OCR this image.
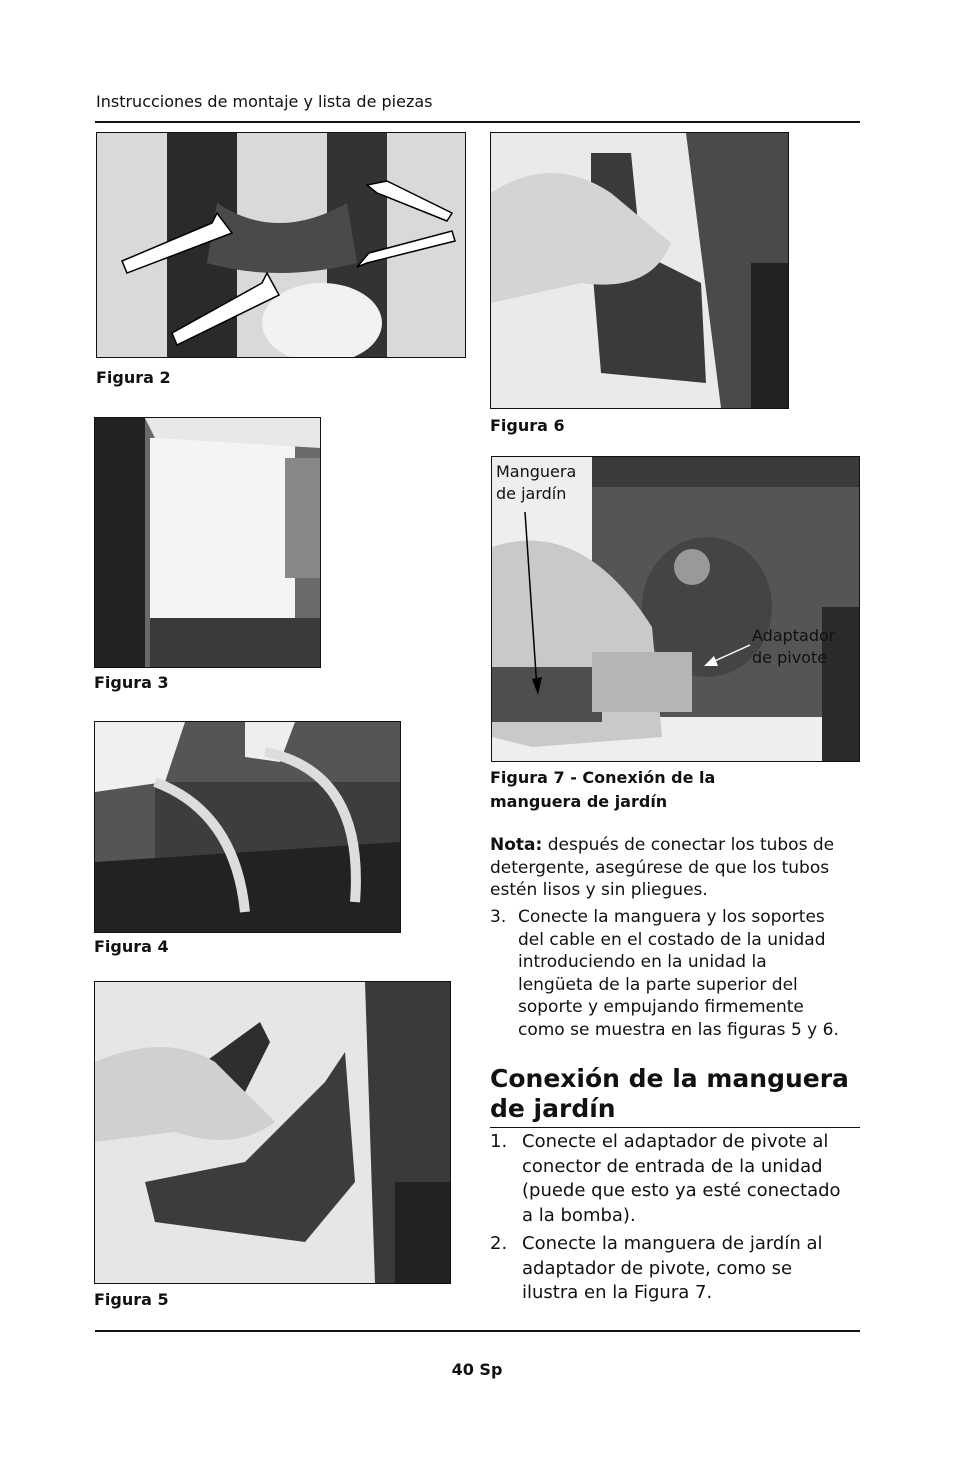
Instrucciones de montaje y lista de piezas
Figura 2
Figura 3
Figura 4
Figura 5
Figura 6
Manguera
de jardín
Adaptador
de pivote
Figura 7 - Conexión de la
manguera de jardín
Nota: después de conectar los tubos de
detergente, asegúrese de que los tubos
estén lisos y sin pliegues.
3. Conecte la manguera y los soportes
del cable en el costado de la unidad
introduciendo en la unidad la
lengüeta de la parte superior del
soporte y empujando firmemente
como se muestra en las figuras 5 y 6.
Conexión de la manguera
de jardín
1. Conecte el adaptador de pivote al
conector de entrada de la unidad
(puede que esto ya esté conectado
a la bomba).
2. Conecte la manguera de jardín al
adaptador de pivote, como se
ilustra en la Figura 7.
40 Sp
